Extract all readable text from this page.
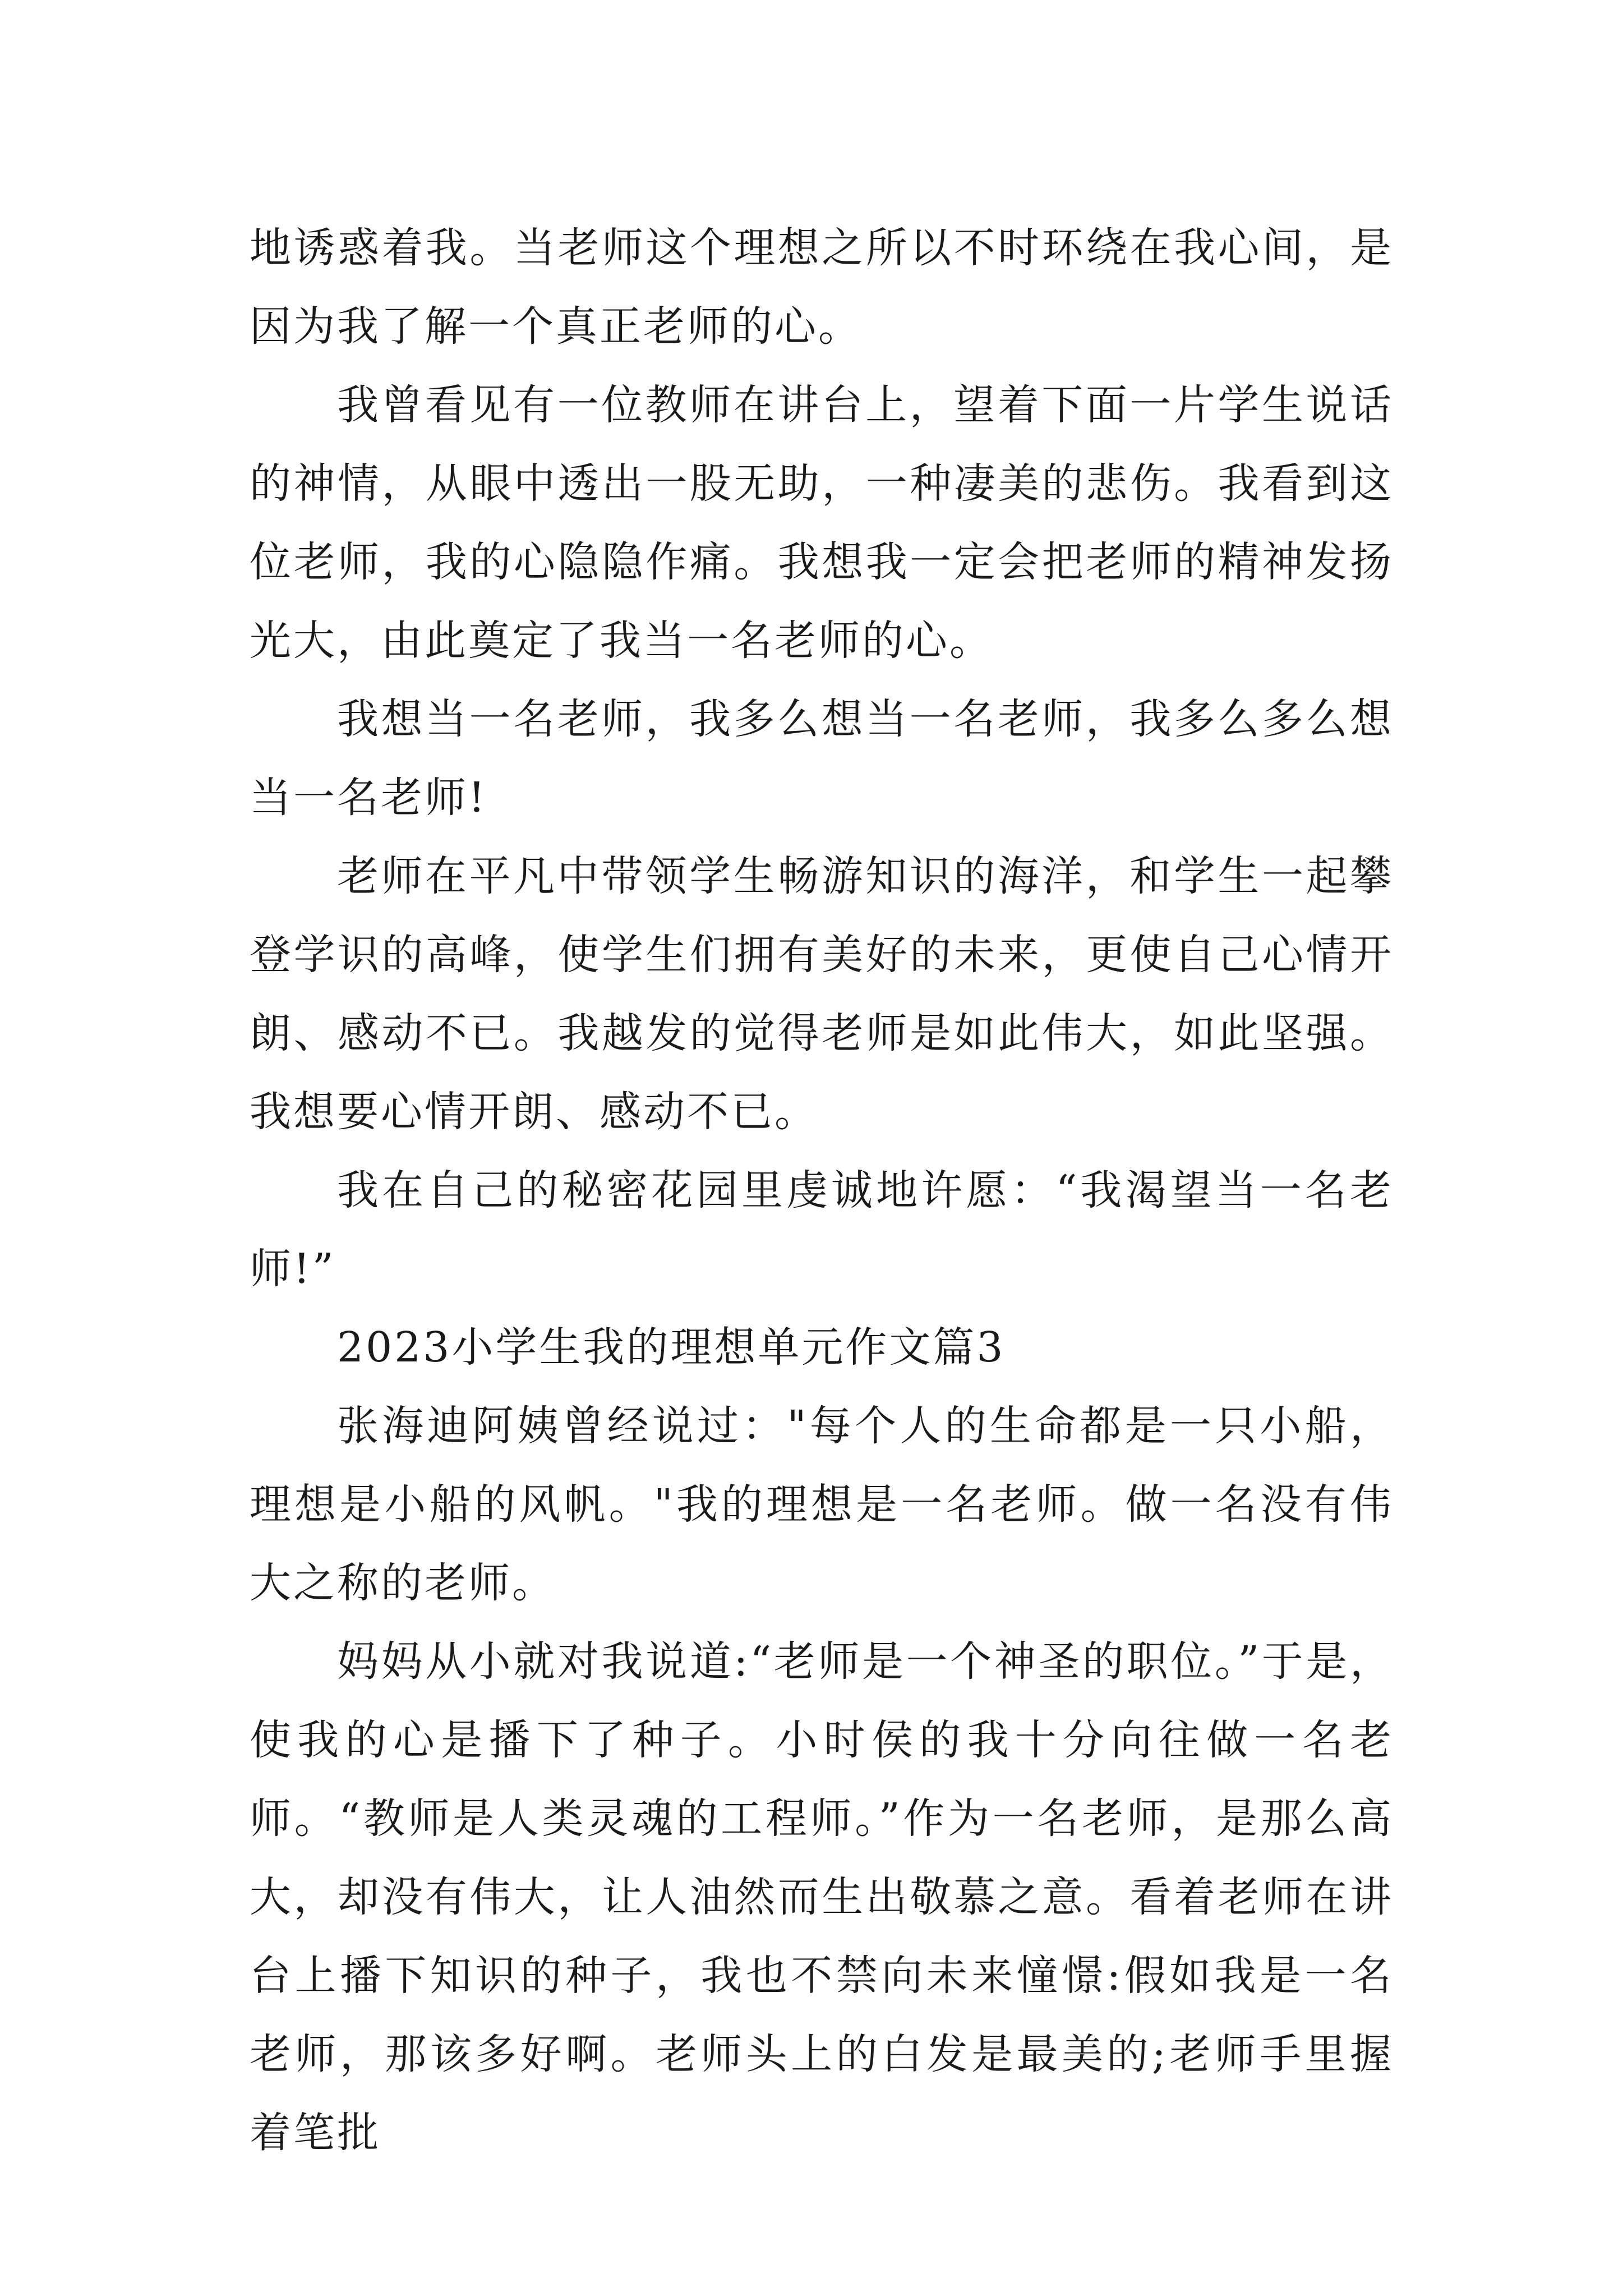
地诱惑着我。当老师这个理想之所以不时环绕在我心间，是因为我了解一个真正老师的心。

我曾看见有一位教师在讲台上，望着下面一片学生说话的神情，从眼中透出一股无助，一种凄美的悲伤。我看到这位老师，我的心隐隐作痛。我想我一定会把老师的精神发扬光大，由此奠定了我当一名老师的心。

我想当一名老师，我多么想当一名老师，我多么多么想当一名老师!

老师在平凡中带领学生畅游知识的海洋，和学生一起攀登学识的高峰，使学生们拥有美好的未来，更使自己心情开朗、感动不已。我越发的觉得老师是如此伟大，如此坚强。我想要心情开朗、感动不已。

我在自己的秘密花园里虔诚地许愿：“我渴望当一名老师!”

2023小学生我的理想单元作文篇3

张海迪阿姨曾经说过："每个人的生命都是一只小船，理想是小船的风帆。"我的理想是一名老师。做一名没有伟大之称的老师。

妈妈从小就对我说道:“老师是一个神圣的职位。”于是，使我的心是播下了种子。小时侯的我十分向往做一名老师。“教师是人类灵魂的工程师。”作为一名老师，是那么高大，却没有伟大，让人油然而生出敬慕之意。看着老师在讲台上播下知识的种子，我也不禁向未来憧憬:假如我是一名老师，那该多好啊。老师头上的白发是最美的;老师手里握着笔批
